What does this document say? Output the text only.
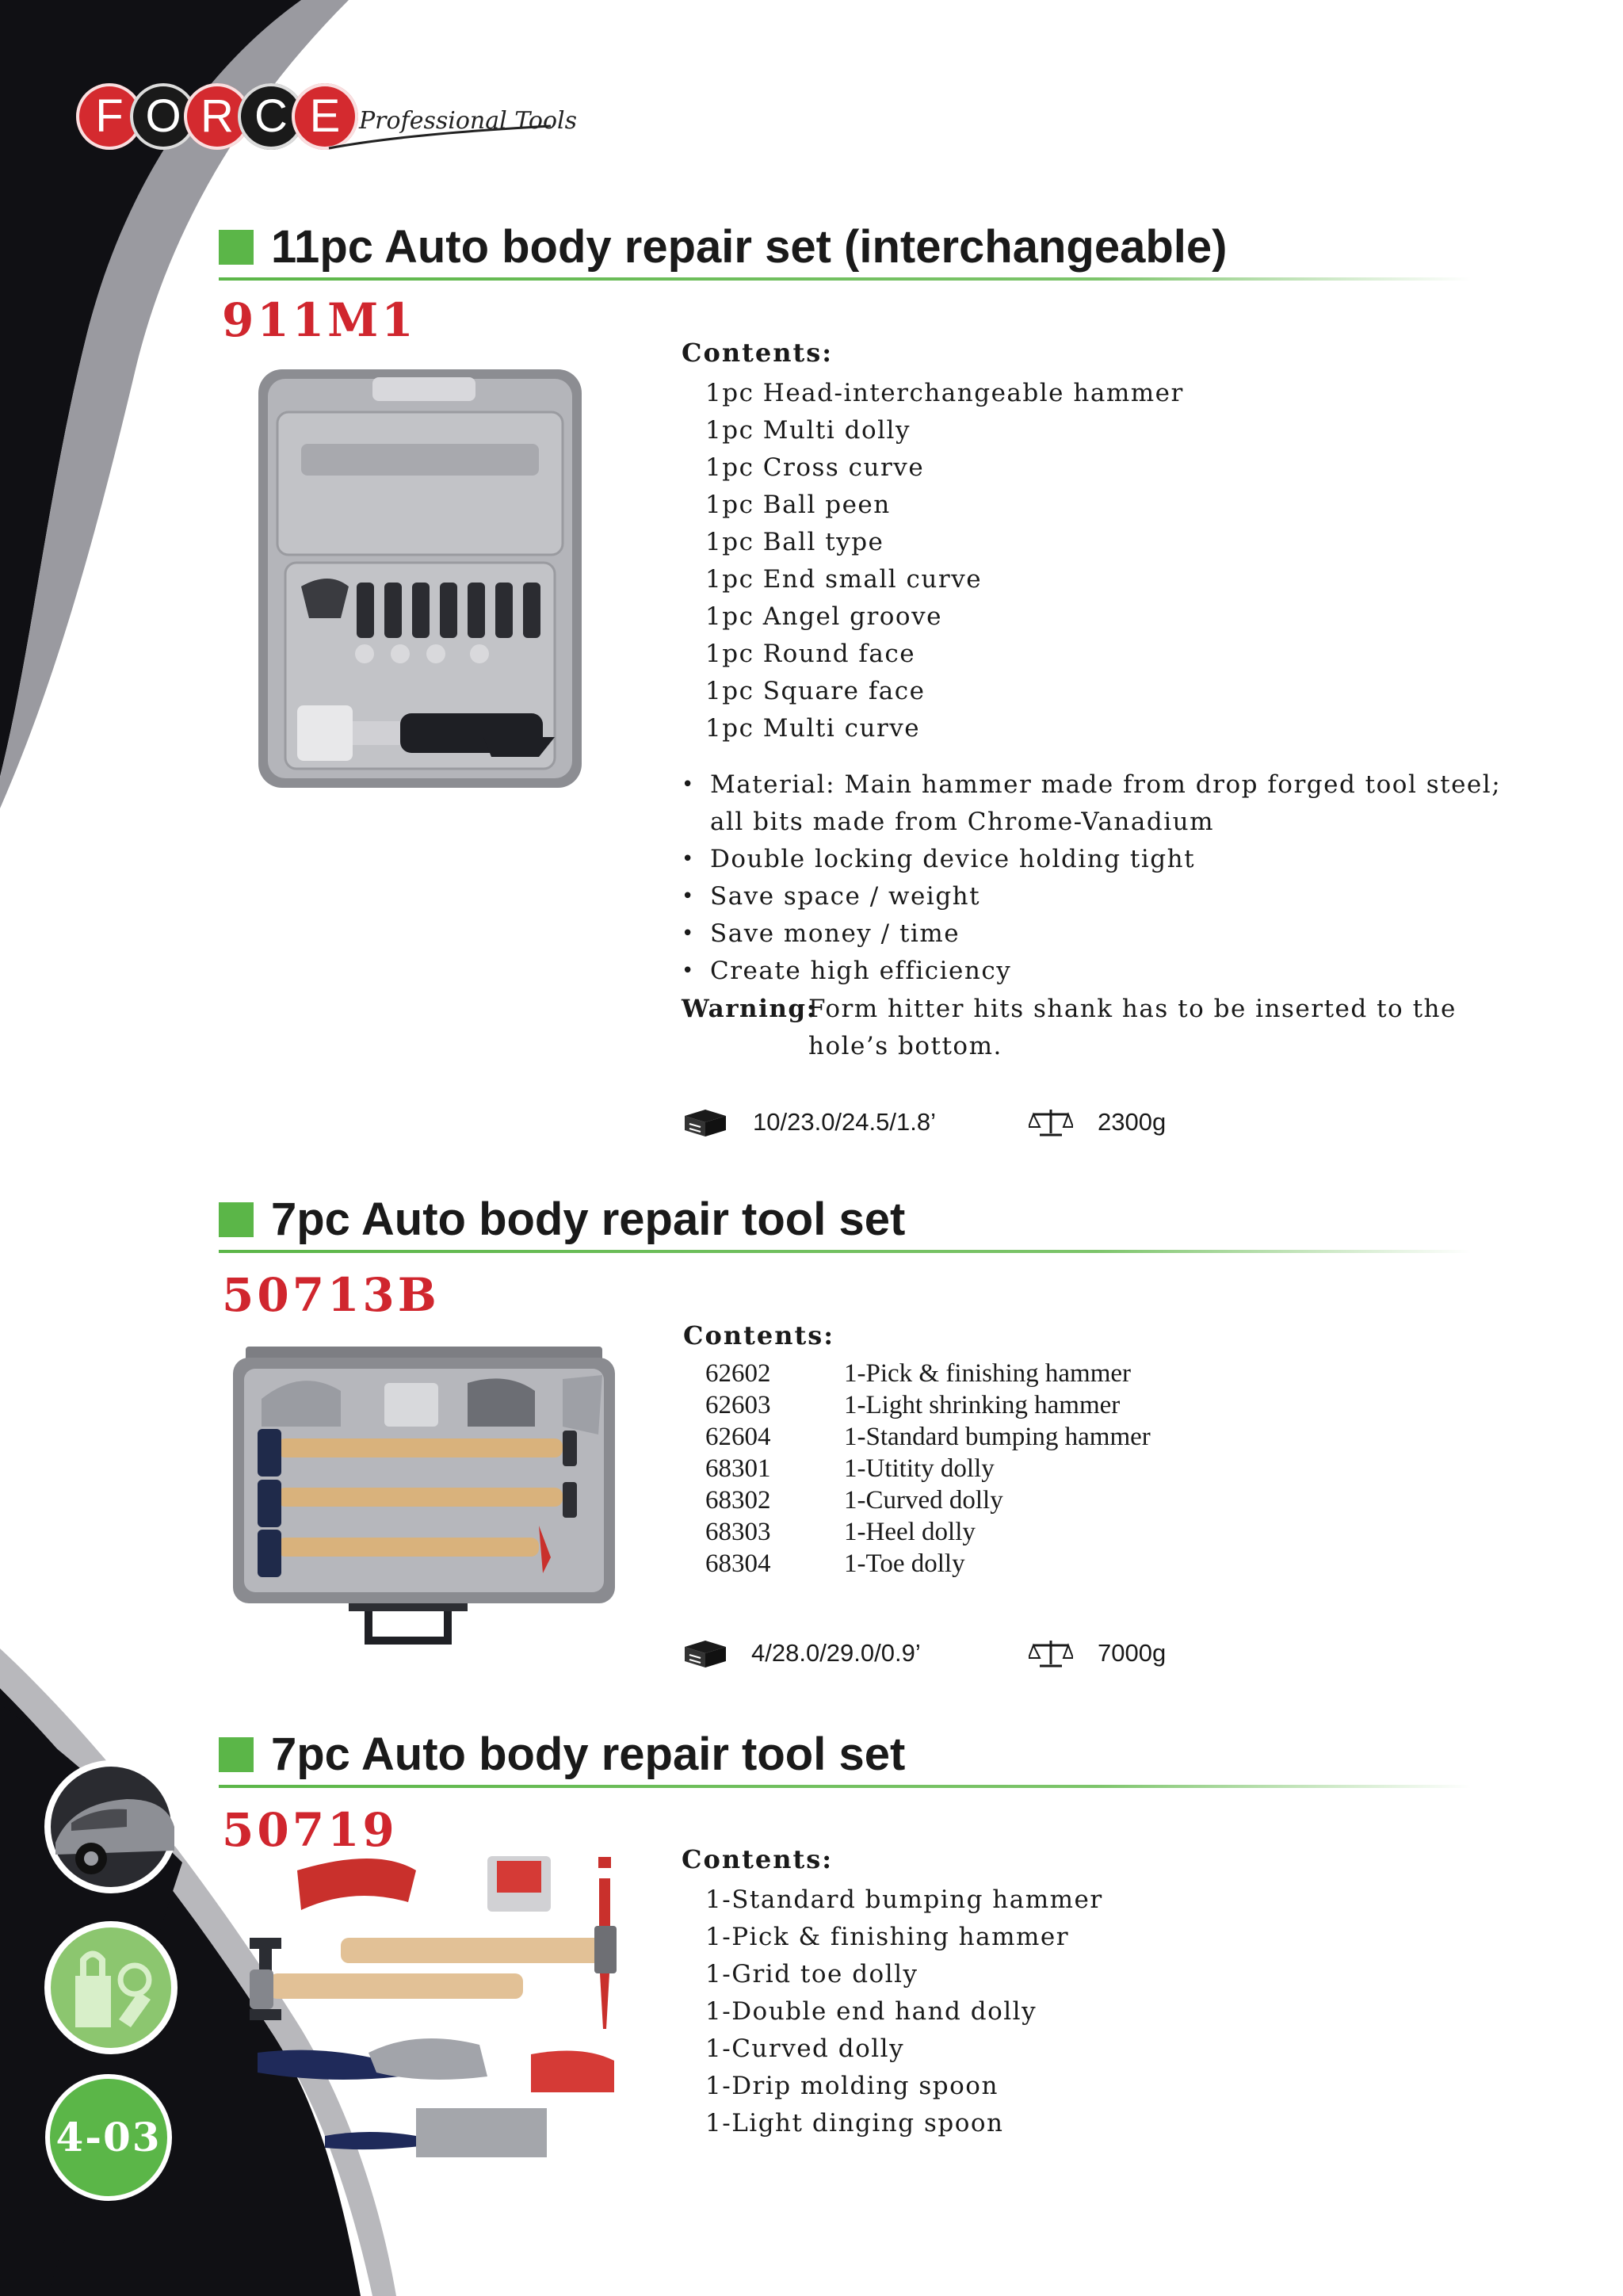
F O R C E Professional Tools
11pc Auto body repair set (interchangeable)
911M1
Contents:
1pc Head-interchangeable hammer
1pc Multi dolly
1pc Cross curve
1pc Ball peen
1pc Ball type
1pc End small curve
1pc Angel groove
1pc Round face
1pc Square face
1pc Multi curve
• Material: Main hammer made from drop forged tool steel; all bits made from Chrome-Vanadium
• Double locking device holding tight
• Save space / weight
• Save money / time
• Create high efficiency
Warning:
Form hitter hits shank has to be inserted to the hole’s bottom.
10/23.0/24.5/1.8’	2300g
7pc Auto body repair tool set
50713B
Contents:
62602	1-Pick & finishing hammer
62603	1-Light shrinking hammer
62604	1-Standard bumping hammer
68301	1-Utitity dolly
68302	1-Curved dolly
68303	1-Heel dolly
68304	1-Toe dolly
4/28.0/29.0/0.9’	7000g
7pc Auto body repair tool set
50719
Contents:
1-Standard bumping hammer
1-Pick & finishing hammer
1-Grid toe dolly
1-Double end hand dolly
1-Curved dolly
1-Drip molding spoon
1-Light dinging spoon
4-03
